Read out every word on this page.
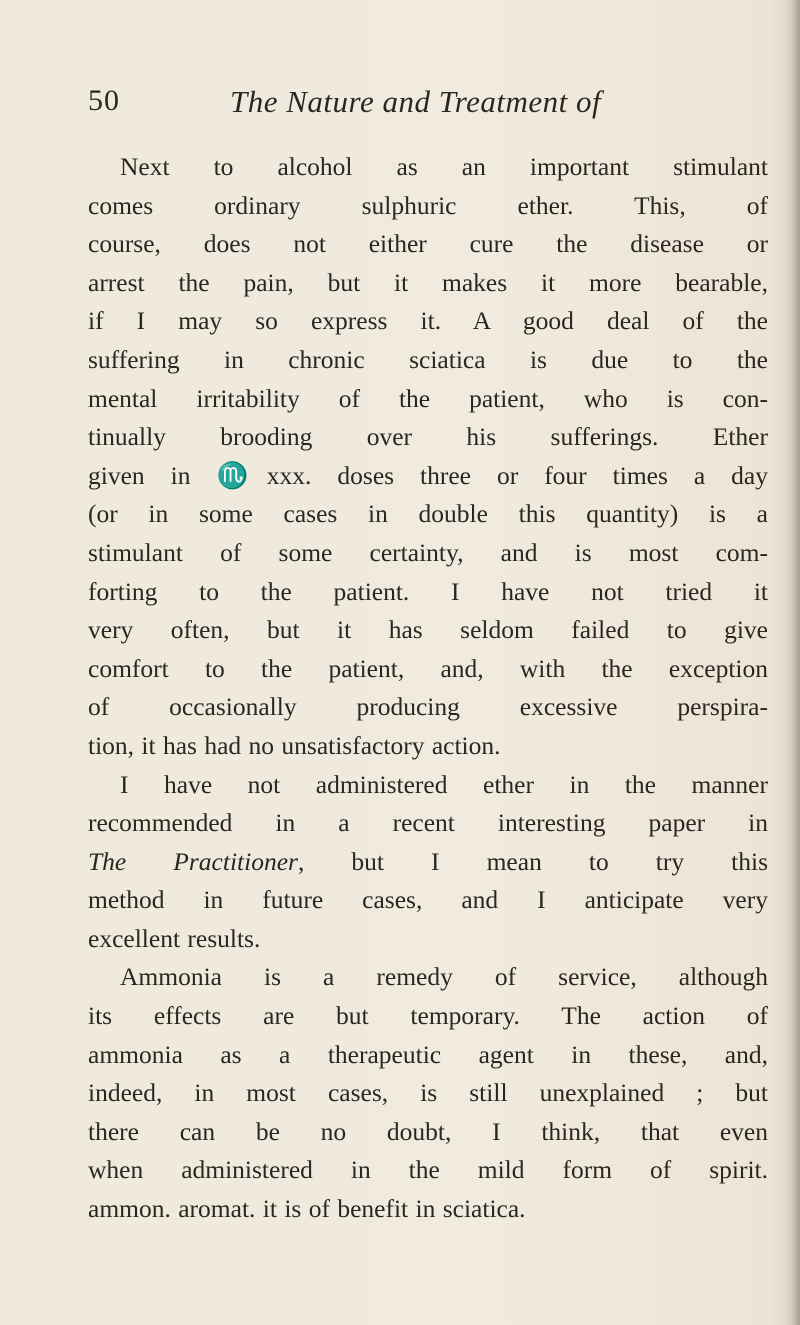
50	The Nature and Treatment of
Next to alcohol as an important stimulant
comes ordinary sulphuric ether. This, of
course, does not either cure the disease or
arrest the pain, but it makes it more bearable,
if I may so express it. A good deal of the
suffering in chronic sciatica is due to the
mental irritability of the patient, who is con-
tinually brooding over his sufferings. Ether
given in ♏xxx. doses three or four times a day
(or in some cases in double this quantity) is a
stimulant of some certainty, and is most com-
forting to the patient. I have not tried it
very often, but it has seldom failed to give
comfort to the patient, and, with the exception
of occasionally producing excessive perspira-
tion, it has had no unsatisfactory action.
I have not administered ether in the manner
recommended in a recent interesting paper in
The Practitioner, but I mean to try this
method in future cases, and I anticipate very
excellent results.
Ammonia is a remedy of service, although
its effects are but temporary. The action of
ammonia as a therapeutic agent in these, and,
indeed, in most cases, is still unexplained ; but
there can be no doubt, I think, that even
when administered in the mild form of spirit.
ammon. aromat. it is of benefit in sciatica.
